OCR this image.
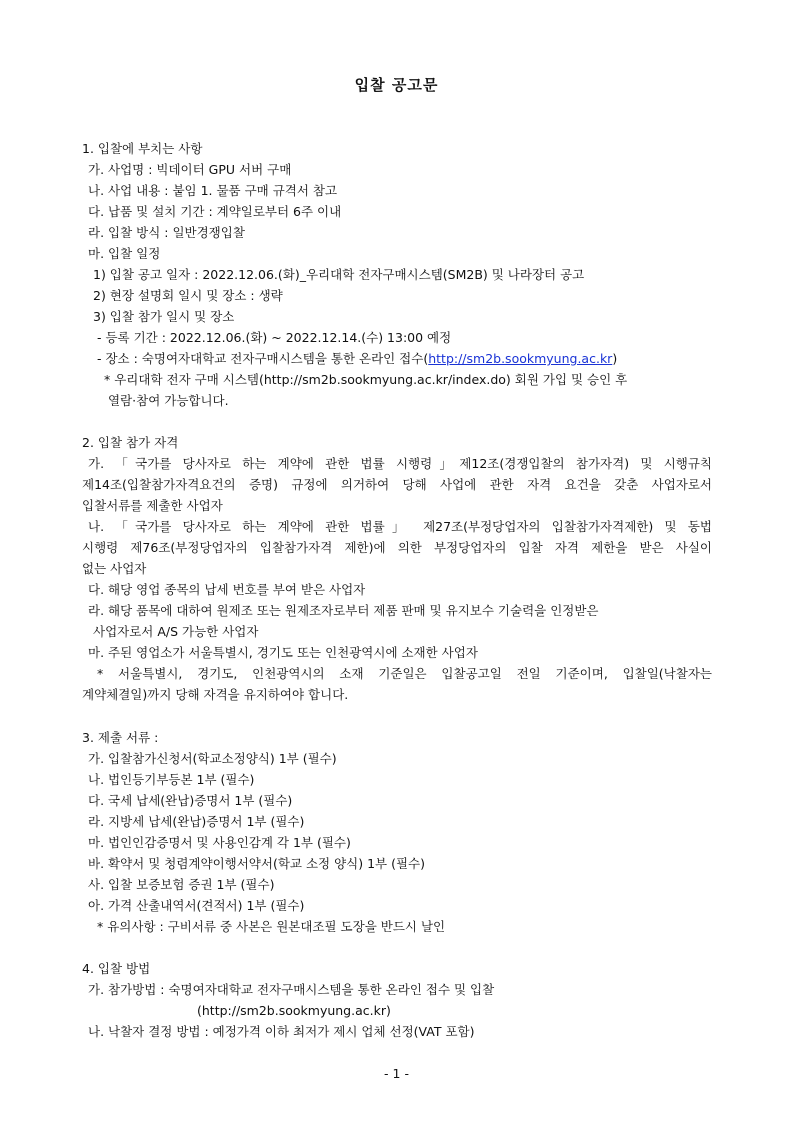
입찰 공고문
1. 입찰에 부치는 사항
가. 사업명 : 빅데이터 GPU 서버 구매
나. 사업 내용 : 붙임 1. 물품 구매 규격서 참고
다. 납품 및 설치 기간 : 계약일로부터 6주 이내
라. 입찰 방식 : 일반경쟁입찰
마. 입찰 일정
1) 입찰 공고 일자 : 2022.12.06.(화)_우리대학 전자구매시스템(SM2B) 및 나라장터 공고
2) 현장 설명회 일시 및 장소 : 생략
3) 입찰 참가 일시 및 장소
- 등록 기간 : 2022.12.06.(화) ~ 2022.12.14.(수) 13:00 예정
- 장소 : 숙명여자대학교 전자구매시스템을 통한 온라인 접수(http://sm2b.sookmyung.ac.kr)
* 우리대학 전자 구매 시스템(http://sm2b.sookmyung.ac.kr/index.do) 회원 가입 및 승인 후
열람·참여 가능합니다.
2. 입찰 참가 자격
가. 「국가를 당사자로 하는 계약에 관한 법률 시행령」제12조(경쟁입찰의 참가자격) 및 시행규칙
제14조(입찰참가자격요건의 증명) 규정에 의거하여 당해 사업에 관한 자격 요건을 갖춘 사업자로서
입찰서류를 제출한 사업자
나. 「국가를 당사자로 하는 계약에 관한 법률」 제27조(부정당업자의 입찰참가자격제한) 및 동법
시행령 제76조(부정당업자의 입찰참가자격 제한)에 의한 부정당업자의 입찰 자격 제한을 받은 사실이
없는 사업자
다. 해당 영업 종목의 납세 번호를 부여 받은 사업자
라. 해당 품목에 대하여 원제조 또는 원제조자로부터 제품 판매 및 유지보수 기술력을 인정받은
사업자로서 A/S 가능한 사업자
마. 주된 영업소가 서울특별시, 경기도 또는 인천광역시에 소재한 사업자
* 서울특별시, 경기도, 인천광역시의 소재 기준일은 입찰공고일 전일 기준이며, 입찰일(낙찰자는
계약체결일)까지 당해 자격을 유지하여야 합니다.
3. 제출 서류 :
가. 입찰참가신청서(학교소정양식) 1부 (필수)
나. 법인등기부등본 1부 (필수)
다. 국세 납세(완납)증명서 1부 (필수)
라. 지방세 납세(완납)증명서 1부 (필수)
마. 법인인감증명서 및 사용인감계 각 1부 (필수)
바. 확약서 및 청렴계약이행서약서(학교 소정 양식) 1부 (필수)
사. 입찰 보증보험 증권 1부 (필수)
아. 가격 산출내역서(견적서) 1부 (필수)
* 유의사항 : 구비서류 중 사본은 원본대조필 도장을 반드시 날인
4. 입찰 방법
가. 참가방법 : 숙명여자대학교 전자구매시스템을 통한 온라인 접수 및 입찰
(http://sm2b.sookmyung.ac.kr)
나. 낙찰자 결정 방법 : 예정가격 이하 최저가 제시 업체 선정(VAT 포함)
- 1 -
